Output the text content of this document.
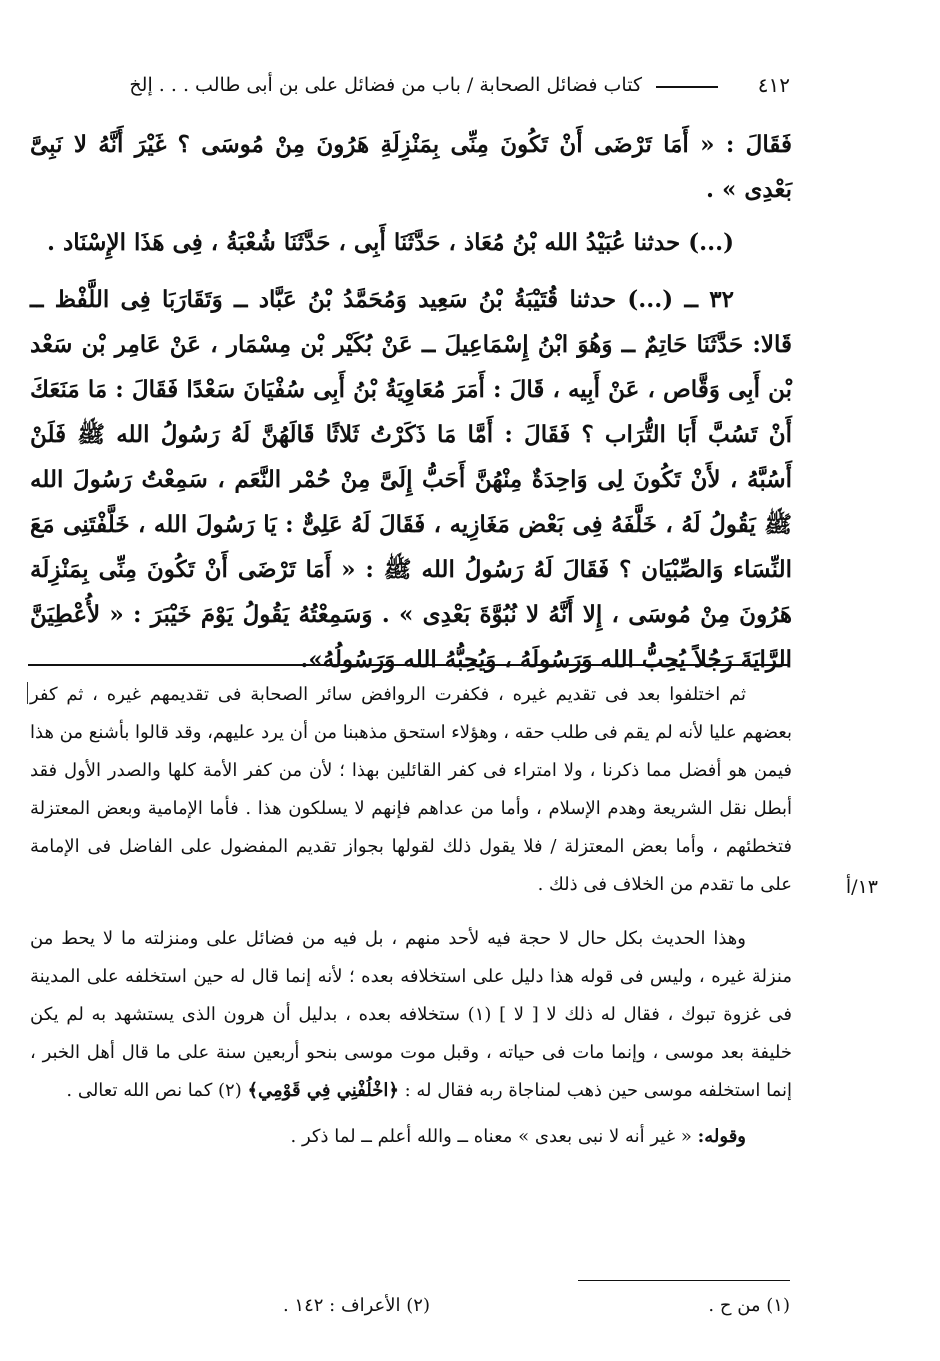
٤١٢
كتاب فضائل الصحابة / باب من فضائل على بن أبى طالب . . . إلخ

فَقَالَ : « أَمَا تَرْضَى أَنْ تَكُونَ مِنِّى بِمَنْزِلَةِ هَرُونَ مِنْ مُوسَى ؟ غَيْرَ أَنَّهُ لا نَبِىَّ بَعْدِى » .

(...) حدثنا عُبَيْدُ الله بْنُ مُعَاذ ، حَدَّثَنَا أَبِى ، حَدَّثَنَا شُعْبَةُ ، فِى هَذَا الإِسْنَاد .

٣٢ ــ (...) حدثنا قُتَيْبَةُ بْنُ سَعِيد وَمُحَمَّدُ بْنُ عَبَّاد ــ وَتَقَارَبَا فِى اللَّفْظ ــ قَالا: حَدَّثَنَا حَاتِمٌ ــ وَهُوَ ابْنُ إِسْمَاعِيلَ ــ عَنْ بُكَيْر بْن مِسْمَار ، عَنْ عَامِر بْن سَعْد بْن أَبِى وَقَّاص ، عَنْ أَبِيه ، قَالَ : أَمَرَ مُعَاوِيَةُ بْنُ أَبِى سُفْيَانَ سَعْدًا فَقَالَ : مَا مَنَعَكَ أَنْ تَسُبَّ أَبَا التُّرَاب ؟ فَقَالَ : أَمَّا مَا ذَكَرْتُ ثَلاثًا قَالَهُنَّ لَهُ رَسُولُ الله ﷺ فَلَنْ أَسُبَّهُ ، لأَنْ تَكُونَ لِى وَاحِدَةٌ مِنْهُنَّ أَحَبُّ إِلَىَّ مِنْ حُمْر النَّعَم ، سَمِعْتُ رَسُولَ الله ﷺ يَقُولُ لَهُ ، خَلَّفَهُ فِى بَعْض مَغَازِيه ، فَقَالَ لَهُ عَلِىٌّ : يَا رَسُولَ الله ، خَلَّفْتَنِى مَعَ النِّسَاء وَالصِّبْيَان ؟ فَقَالَ لَهُ رَسُولُ الله ﷺ : « أَمَا تَرْضَى أَنْ تَكُونَ مِنِّى بِمَنْزِلَة هَرُونَ مِنْ مُوسَى ، إِلا أَنَّهُ لا نُبُوَّةَ بَعْدِى » . وَسَمِعْتُهُ يَقُولُ يَوْمَ خَيْبَرَ : « لأُعْطِيَنَّ الرَّايَةَ رَجُلاً يُحِبُّ الله وَرَسُولَهُ ، وَيُحِبُّهُ الله وَرَسُولُهُ».

ثم اختلفوا بعد فى تقديم غيره ، فكفرت الروافض سائر الصحابة فى تقديمهم غيره ، ثم كفر بعضهم عليا لأنه لم يقم فى طلب حقه ، وهؤلاء استحق مذهبنا من أن يرد عليهم، وقد قالوا بأشنع من هذا فيمن هو أفضل مما ذكرنا ، ولا امتراء فى كفر القائلين بهذا ؛ لأن من كفر الأمة كلها والصدر الأول فقد أبطل نقل الشريعة وهدم الإسلام ، وأما من عداهم فإنهم لا يسلكون هذا . فأما الإمامية وبعض المعتزلة فتخطئهم ، وأما بعض المعتزلة / فلا يقول ذلك لقولها بجواز تقديم المفضول على الفاضل فى الإمامة على ما تقدم من الخلاف فى ذلك .

وهذا الحديث بكل حال لا حجة فيه لأحد منهم ، بل فيه من فضائل على ومنزلته ما لا يحط من منزلة غيره ، وليس فى قوله هذا دليل على استخلافه بعده ؛ لأنه إنما قال له حين استخلفه على المدينة فى غزوة تبوك ، فقال له ذلك لا [ لا ] (١) ستخلافه بعده ، بدليل أن هرون الذى يستشهد به لم يكن خليفة بعد موسى ، وإنما مات فى حياته ، وقبل موت موسى بنحو أربعين سنة على ما قال أهل الخبر ، إنما استخلفه موسى حين ذهب لمناجاة ربه فقال له : ﴿اخْلُفْنِي فِي قَوْمِي﴾ (٢) كما نص الله تعالى .

وقوله: « غير أنه لا نبى بعدى » معناه ــ والله أعلم ــ لما ذكر .

١٣/أ
(١) من ح .
(٢) الأعراف : ١٤٢ .
